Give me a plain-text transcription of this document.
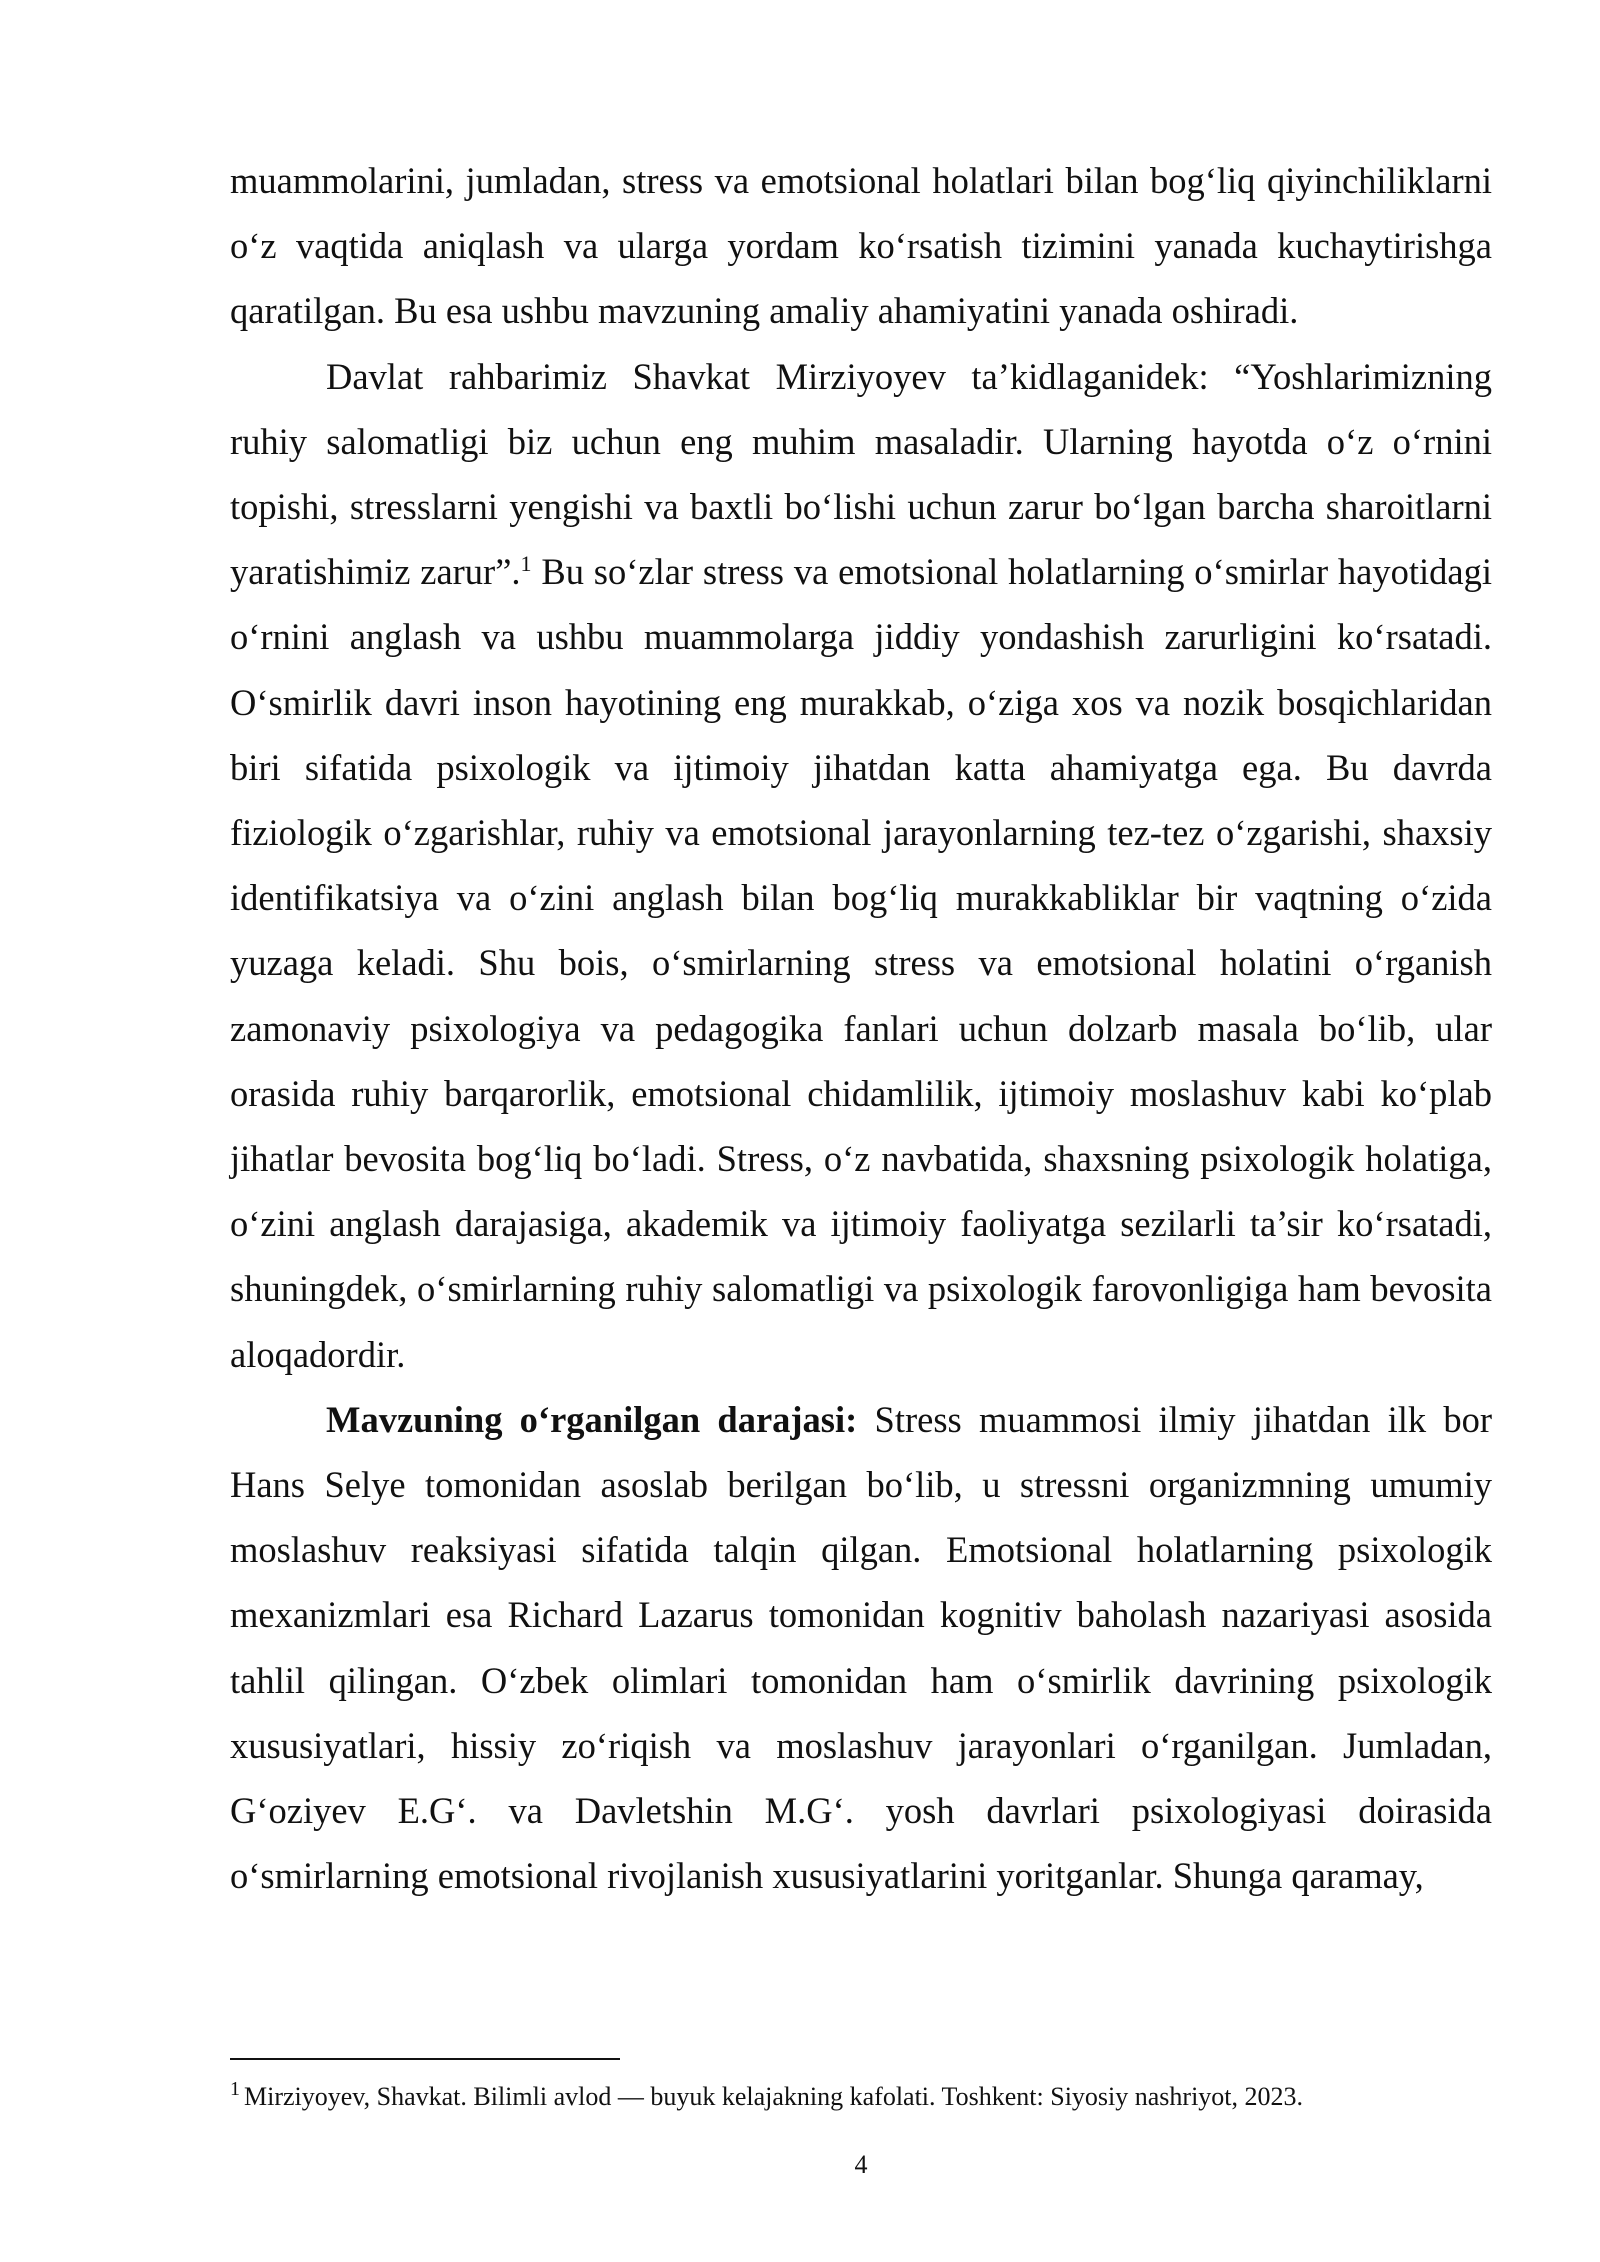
muammolarini, jumladan, stress va emotsional holatlari bilan bog‘liq qiyinchiliklarni o‘z vaqtida aniqlash va ularga yordam ko‘rsatish tizimini yanada kuchaytirishga qaratilgan. Bu esa ushbu mavzuning amaliy ahamiyatini yanada oshiradi.

Davlat rahbarimiz Shavkat Mirziyoyev ta’kidlaganidek: “Yoshlarimizning ruhiy salomatligi biz uchun eng muhim masaladir. Ularning hayotda o‘z o‘rnini topishi, stresslarni yengishi va baxtli bo‘lishi uchun zarur bo‘lgan barcha sharoitlarni yaratishimiz zarur”.$^1$ Bu so‘zlar stress va emotsional holatlarning o‘smirlar hayotidagi o‘rnini anglash va ushbu muammolarga jiddiy yondashish zarurligini ko‘rsatadi. O‘smirlik davri inson hayotining eng murakkab, o‘ziga xos va nozik bosqichlaridan biri sifatida psixologik va ijtimoiy jihatdan katta ahamiyatga ega. Bu davrda fiziologik o‘zgarishlar, ruhiy va emotsional jarayonlarning tez-tez o‘zgarishi, shaxsiy identifikatsiya va o‘zini anglash bilan bog‘liq murakkabliklar bir vaqtning o‘zida yuzaga keladi. Shu bois, o‘smirlarning stress va emotsional holatini o‘rganish zamonaviy psixologiya va pedagogika fanlari uchun dolzarb masala bo‘lib, ular orasida ruhiy barqarorlik, emotsional chidamlilik, ijtimoiy moslashuv kabi ko‘plab jihatlar bevosita bog‘liq bo‘ladi. Stress, o‘z navbatida, shaxsning psixologik holatiga, o‘zini anglash darajasiga, akademik va ijtimoiy faoliyatga sezilarli ta’sir ko‘rsatadi, shuningdek, o‘smirlarning ruhiy salomatligi va psixologik farovonligiga ham bevosita aloqadordir.

Mavzuning o‘rganilgan darajasi: Stress muammosi ilmiy jihatdan ilk bor Hans Selye tomonidan asoslab berilgan bo‘lib, u stressni organizmning umumiy moslashuv reaksiyasi sifatida talqin qilgan. Emotsional holatlarning psixologik mexanizmlari esa Richard Lazarus tomonidan kognitiv baholash nazariyasi asosida tahlil qilingan. O‘zbek olimlari tomonidan ham o‘smirlik davrining psixologik xususiyatlari, hissiy zo‘riqish va moslashuv jarayonlari o‘rganilgan. Jumladan, G‘oziyev E.G‘. va Davletshin M.G‘. yosh davrlari psixologiyasi doirasida o‘smirlarning emotsional rivojlanish xususiyatlarini yoritganlar. Shunga qaramay,

$^1$ Mirziyoyev, Shavkat. Bilimli avlod — buyuk kelajakning kafolati. Toshkent: Siyosiy nashriyot, 2023.
4
